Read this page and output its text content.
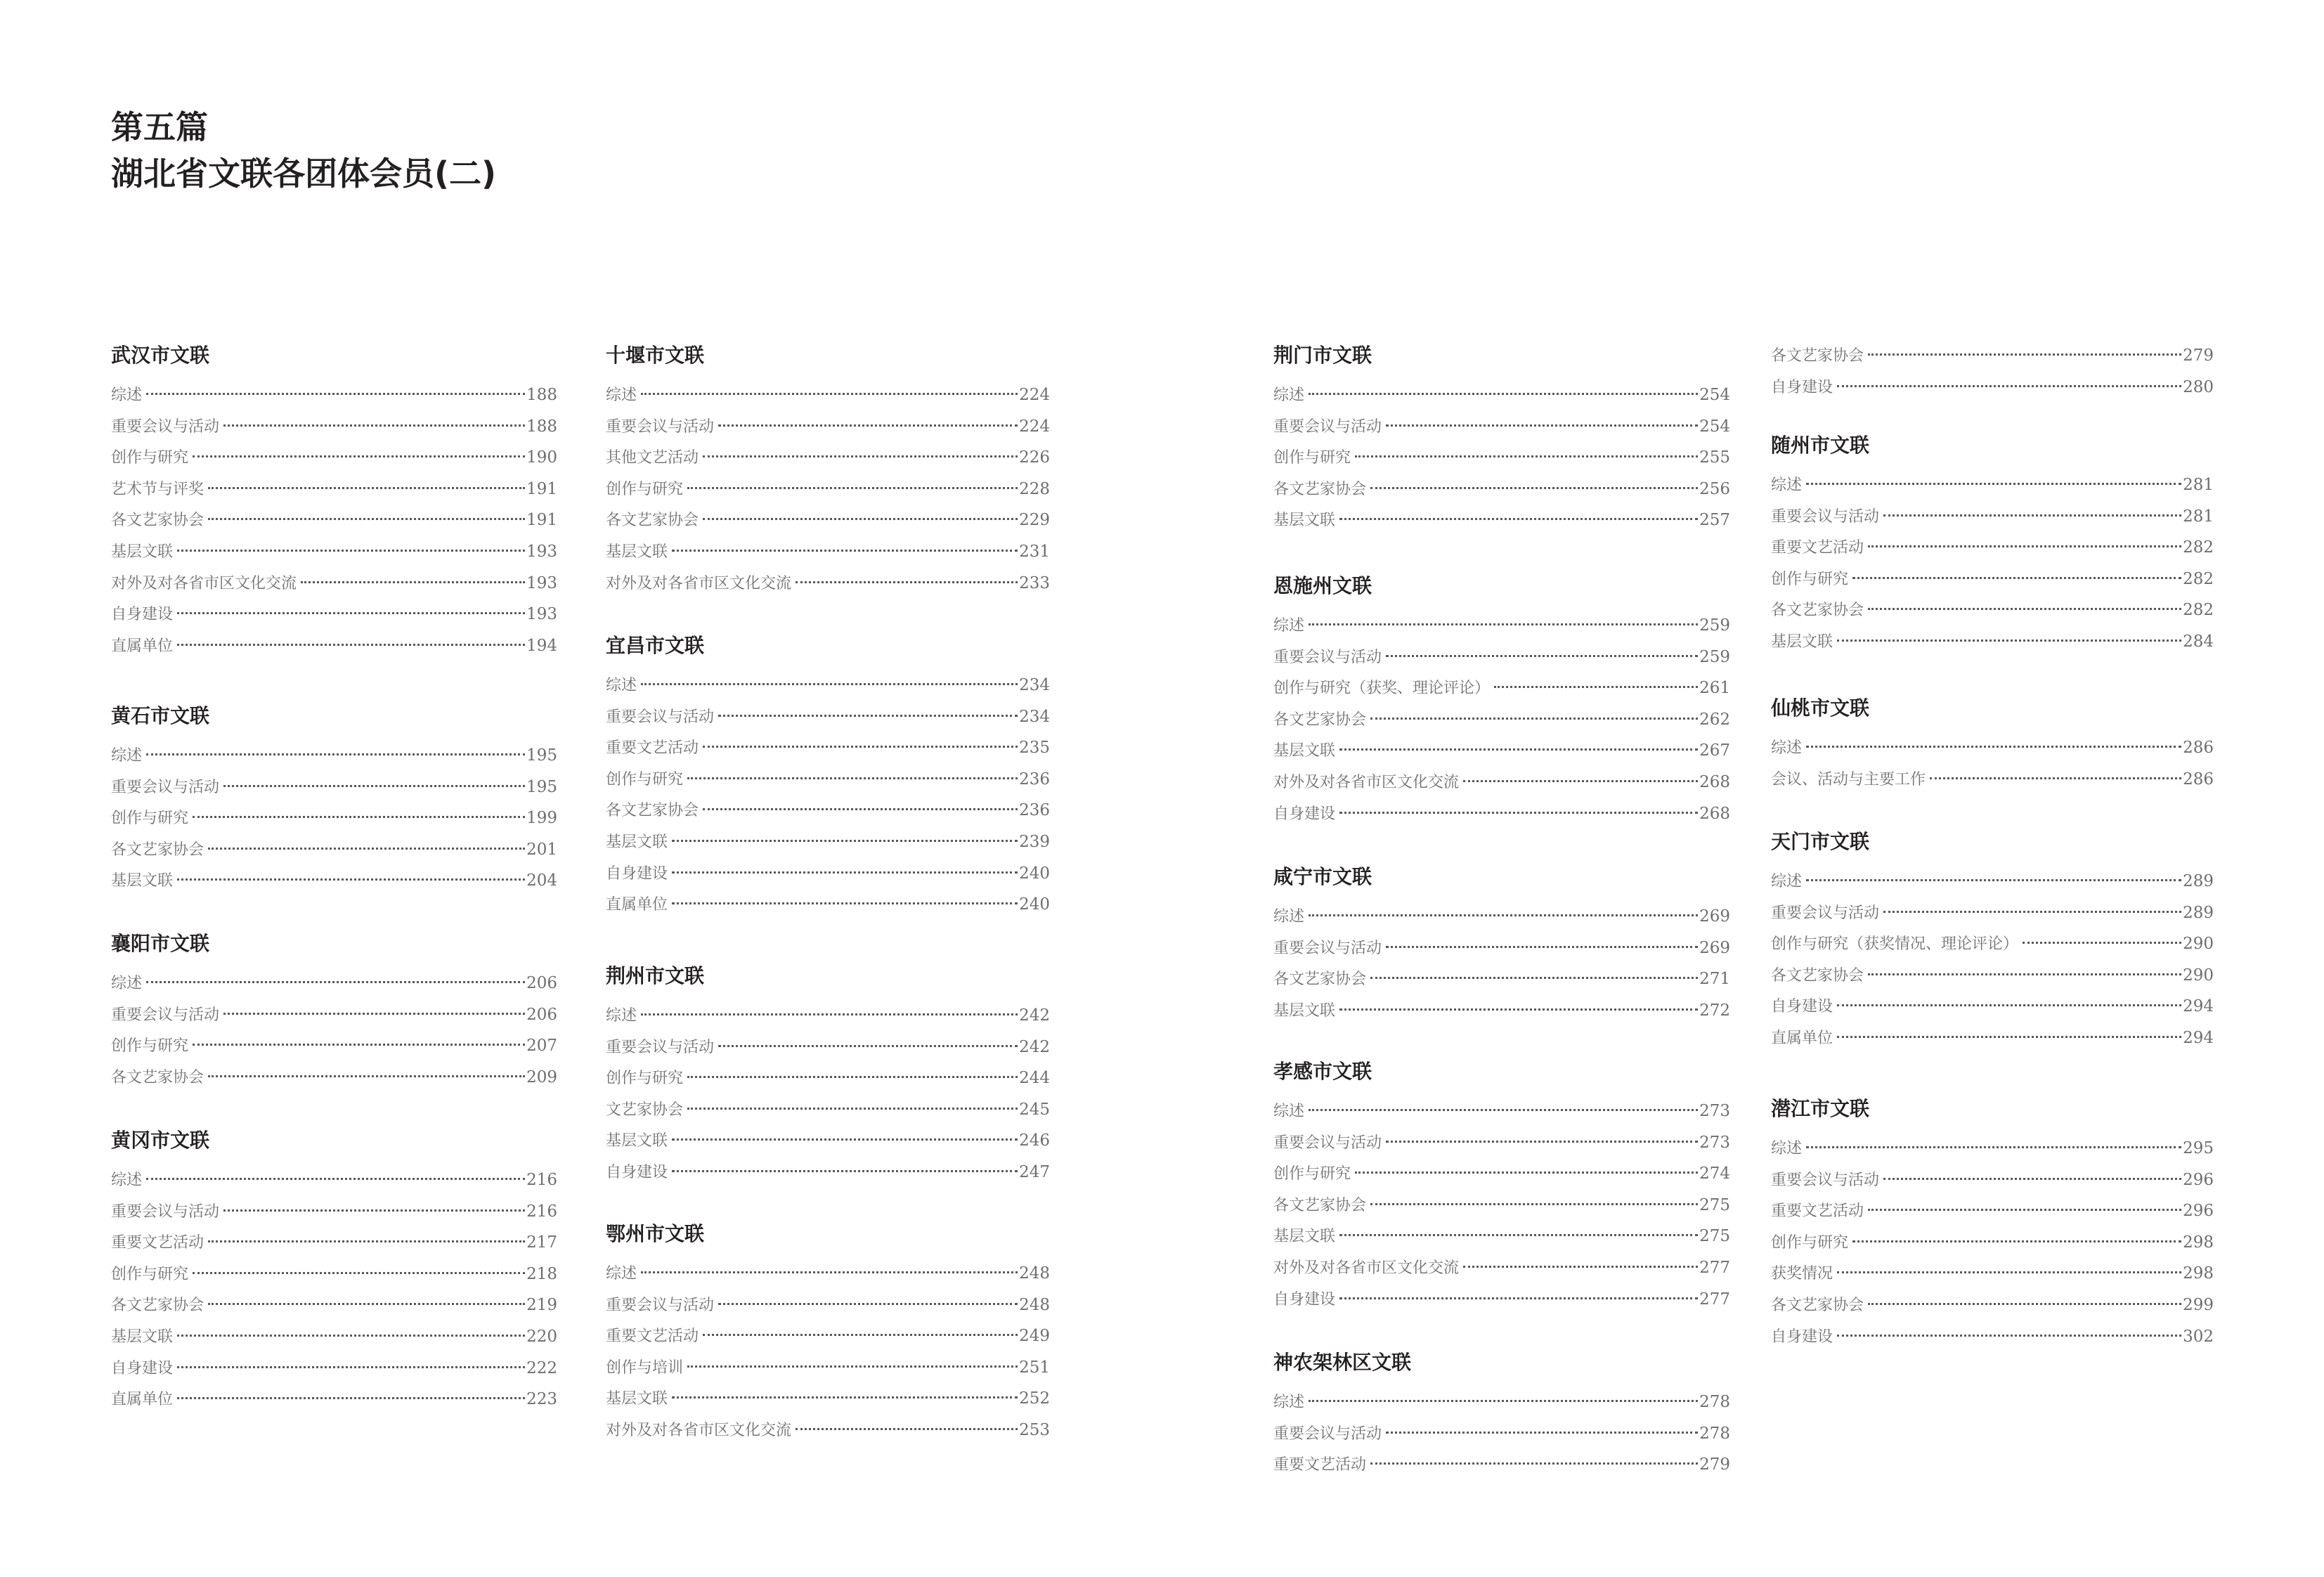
第五篇
湖北省文联各团体会员(二)
武汉市文联
综述	188
重要会议与活动	188
创作与研究	190
艺术节与评奖	191
各文艺家协会	191
基层文联	193
对外及对各省市区文化交流	193
自身建设	193
直属单位	194
黄石市文联
综述	195
重要会议与活动	195
创作与研究	199
各文艺家协会	201
基层文联	204
襄阳市文联
综述	206
重要会议与活动	206
创作与研究	207
各文艺家协会	209
黄冈市文联
综述	216
重要会议与活动	216
重要文艺活动	217
创作与研究	218
各文艺家协会	219
基层文联	220
自身建设	222
直属单位	223
十堰市文联
综述	224
重要会议与活动	224
其他文艺活动	226
创作与研究	228
各文艺家协会	229
基层文联	231
对外及对各省市区文化交流	233
宜昌市文联
综述	234
重要会议与活动	234
重要文艺活动	235
创作与研究	236
各文艺家协会	236
基层文联	239
自身建设	240
直属单位	240
荆州市文联
综述	242
重要会议与活动	242
创作与研究	244
文艺家协会	245
基层文联	246
自身建设	247
鄂州市文联
综述	248
重要会议与活动	248
重要文艺活动	249
创作与培训	251
基层文联	252
对外及对各省市区文化交流	253
荆门市文联
综述	254
重要会议与活动	254
创作与研究	255
各文艺家协会	256
基层文联	257
恩施州文联
综述	259
重要会议与活动	259
创作与研究（获奖、理论评论）	261
各文艺家协会	262
基层文联	267
对外及对各省市区文化交流	268
自身建设	268
咸宁市文联
综述	269
重要会议与活动	269
各文艺家协会	271
基层文联	272
孝感市文联
综述	273
重要会议与活动	273
创作与研究	274
各文艺家协会	275
基层文联	275
对外及对各省市区文化交流	277
自身建设	277
神农架林区文联
综述	278
重要会议与活动	278
重要文艺活动	279
各文艺家协会	279
自身建设	280
随州市文联
综述	281
重要会议与活动	281
重要文艺活动	282
创作与研究	282
各文艺家协会	282
基层文联	284
仙桃市文联
综述	286
会议、活动与主要工作	286
天门市文联
综述	289
重要会议与活动	289
创作与研究（获奖情况、理论评论）	290
各文艺家协会	290
自身建设	294
直属单位	294
潜江市文联
综述	295
重要会议与活动	296
重要文艺活动	296
创作与研究	298
获奖情况	298
各文艺家协会	299
自身建设	302
